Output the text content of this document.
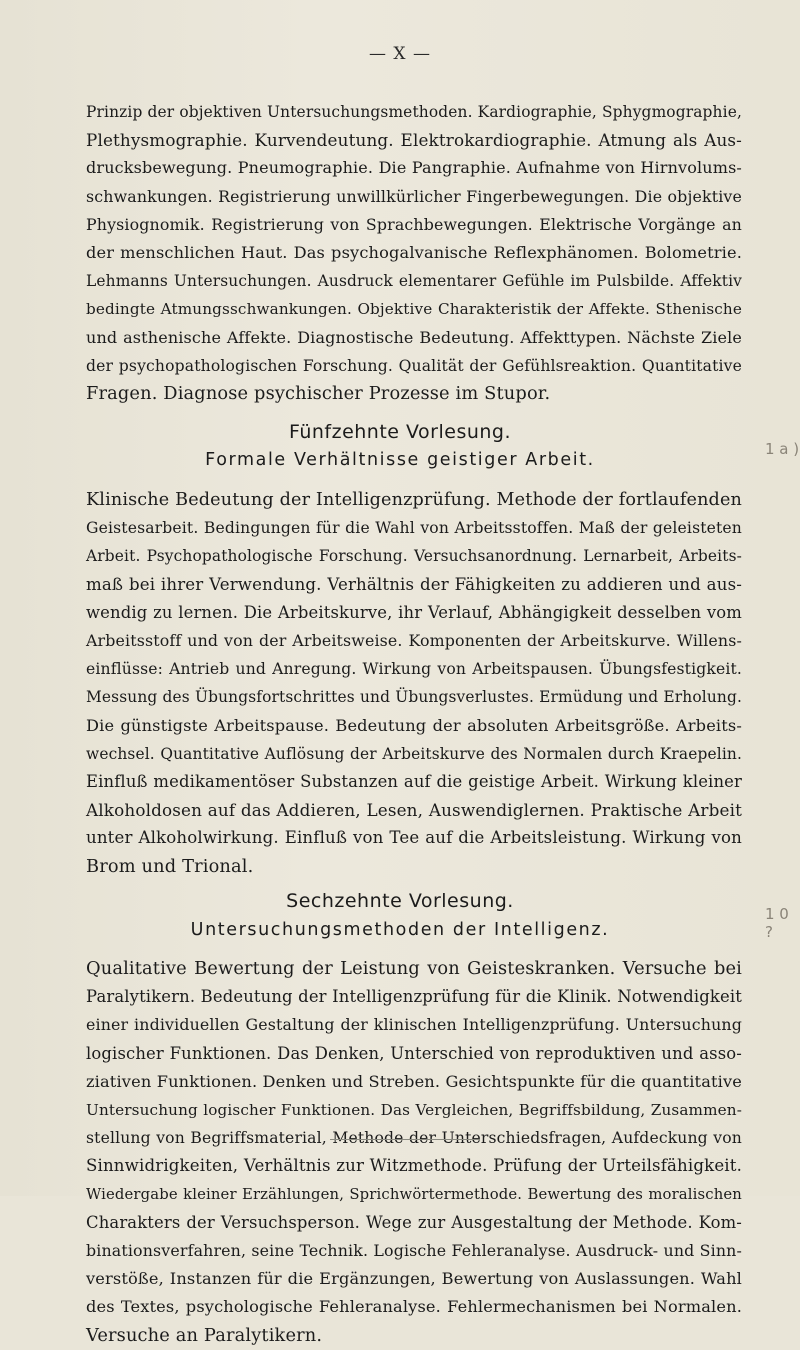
— X —
Prinzip der objektiven Untersuchungsmethoden. Kardiographie, Sphygmographie,
Plethysmographie. Kurvendeutung. Elektrokardiographie. Atmung als Aus-
drucksbewegung. Pneumographie. Die Pangraphie. Aufnahme von Hirnvolums-
schwankungen. Registrierung unwillkürlicher Fingerbewegungen. Die objektive
Physiognomik. Registrierung von Sprachbewegungen. Elektrische Vorgänge an
der menschlichen Haut. Das psychogalvanische Reflexphänomen. Bolometrie.
Lehmanns Untersuchungen. Ausdruck elementarer Gefühle im Pulsbilde. Affektiv
bedingte Atmungsschwankungen. Objektive Charakteristik der Affekte. Sthenische
und asthenische Affekte. Diagnostische Bedeutung. Affekttypen. Nächste Ziele
der psychopathologischen Forschung. Qualität der Gefühlsreaktion. Quantitative
Fragen. Diagnose psychischer Prozesse im Stupor.
Fünfzehnte Vorlesung.
Formale Verhältnisse geistiger Arbeit.
Klinische Bedeutung der Intelligenzprüfung. Methode der fortlaufenden
Geistesarbeit. Bedingungen für die Wahl von Arbeitsstoffen. Maß der geleisteten
Arbeit. Psychopathologische Forschung. Versuchsanordnung. Lernarbeit, Arbeits-
maß bei ihrer Verwendung. Verhältnis der Fähigkeiten zu addieren und aus-
wendig zu lernen. Die Arbeitskurve, ihr Verlauf, Abhängigkeit desselben vom
Arbeitsstoff und von der Arbeitsweise. Komponenten der Arbeitskurve. Willens-
einflüsse: Antrieb und Anregung. Wirkung von Arbeitspausen. Übungsfestigkeit.
Messung des Übungsfortschrittes und Übungsverlustes. Ermüdung und Erholung.
Die günstigste Arbeitspause. Bedeutung der absoluten Arbeitsgröße. Arbeits-
wechsel. Quantitative Auflösung der Arbeitskurve des Normalen durch Kraepelin.
Einfluß medikamentöser Substanzen auf die geistige Arbeit. Wirkung kleiner
Alkoholdosen auf das Addieren, Lesen, Auswendiglernen. Praktische Arbeit
unter Alkoholwirkung. Einfluß von Tee auf die Arbeitsleistung. Wirkung von
Brom und Trional.
Sechzehnte Vorlesung.
Untersuchungsmethoden der Intelligenz.
Qualitative Bewertung der Leistung von Geisteskranken. Versuche bei
Paralytikern. Bedeutung der Intelligenzprüfung für die Klinik. Notwendigkeit
einer individuellen Gestaltung der klinischen Intelligenzprüfung. Untersuchung
logischer Funktionen. Das Denken, Unterschied von reproduktiven und asso-
ziativen Funktionen. Denken und Streben. Gesichtspunkte für die quantitative
Untersuchung logischer Funktionen. Das Vergleichen, Begriffsbildung, Zusammen-
stellung von Begriffsmaterial, Methode der Unterschiedsfragen, Aufdeckung von
Sinnwidrigkeiten, Verhältnis zur Witzmethode. Prüfung der Urteilsfähigkeit.
Wiedergabe kleiner Erzählungen, Sprichwörtermethode. Bewertung des moralischen
Charakters der Versuchsperson. Wege zur Ausgestaltung der Methode. Kom-
binationsverfahren, seine Technik. Logische Fehleranalyse. Ausdruck- und Sinn-
verstöße, Instanzen für die Ergänzungen, Bewertung von Auslassungen. Wahl
des Textes, psychologische Fehleranalyse. Fehlermechanismen bei Normalen.
Versuche an Paralytikern.
1 a )
1 0 ?
